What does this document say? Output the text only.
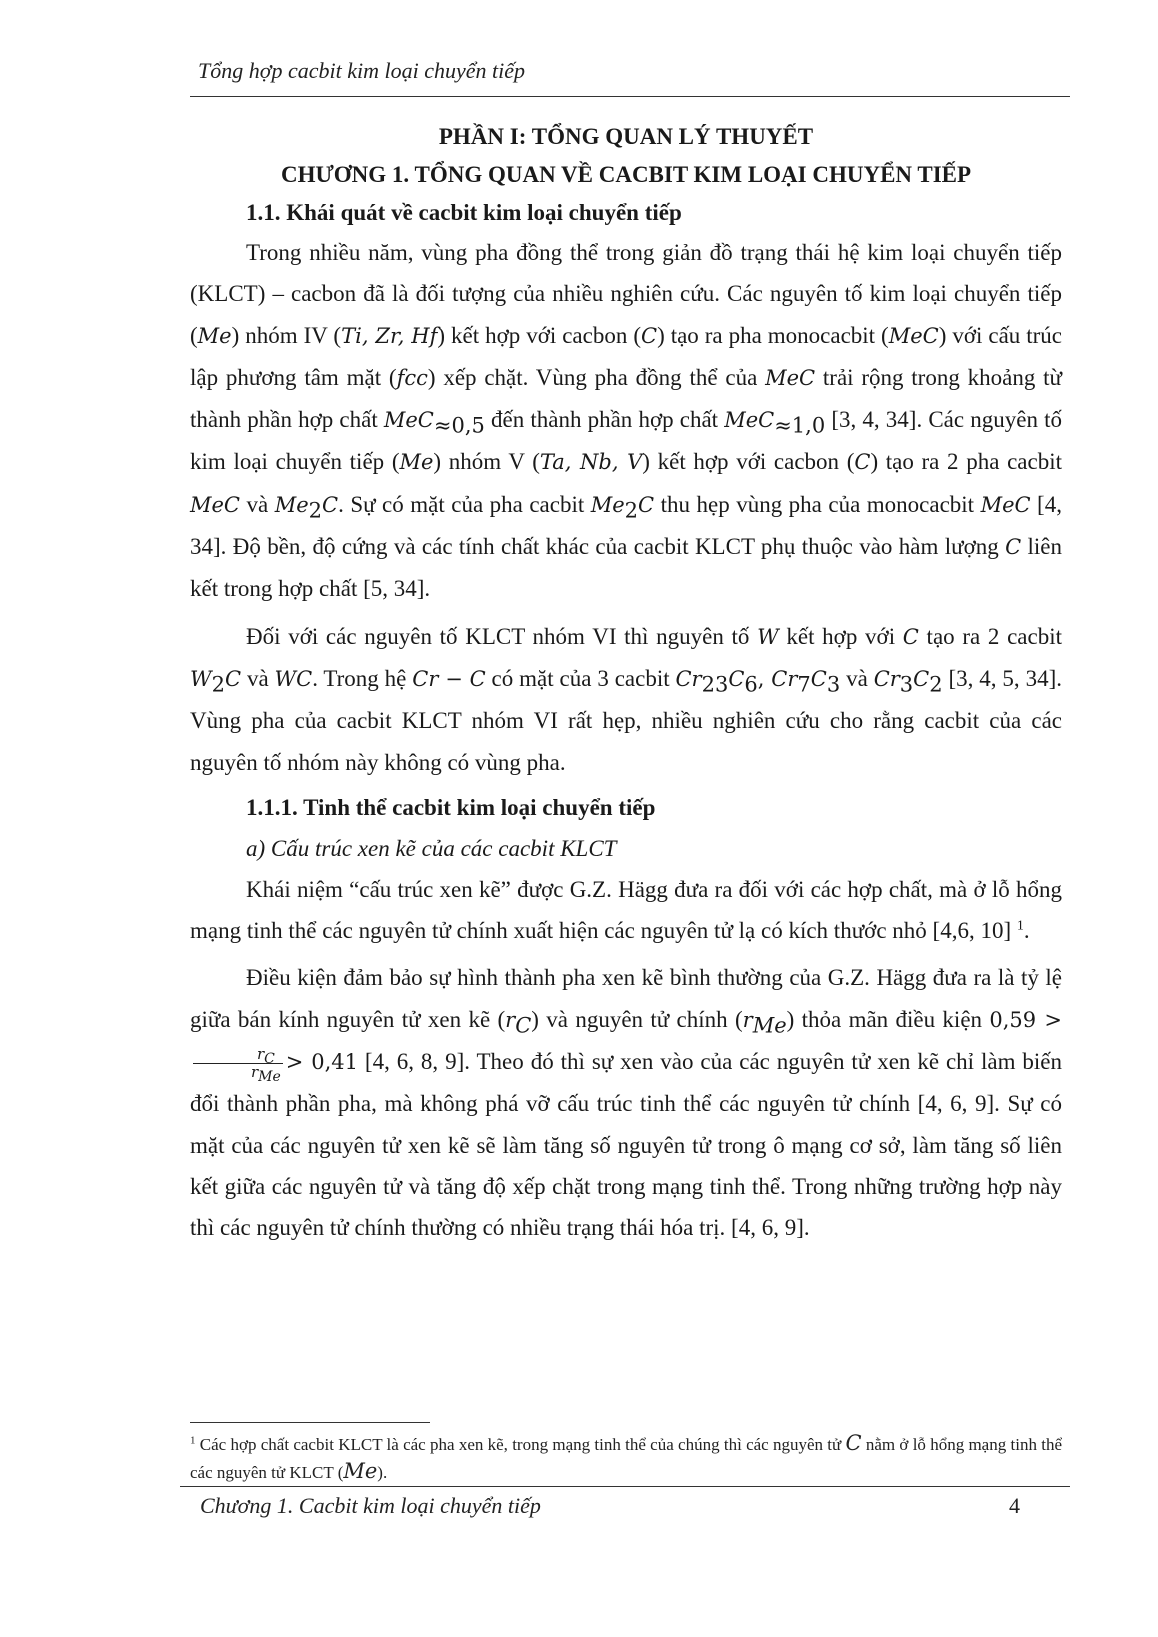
Tổng hợp cacbit kim loại chuyển tiếp
PHẦN I: TỔNG QUAN LÝ THUYẾT
CHƯƠNG 1. TỔNG QUAN VỀ CACBIT KIM LOẠI CHUYỂN TIẾP
1.1. Khái quát về cacbit kim loại chuyển tiếp

Trong nhiều năm, vùng pha đồng thể trong giản đồ trạng thái hệ kim loại chuyển tiếp (KLCT) – cacbon đã là đối tượng của nhiều nghiên cứu. Các nguyên tố kim loại chuyển tiếp (Me) nhóm IV (Ti, Zr, Hf) kết hợp với cacbon (C) tạo ra pha monocacbit (MeC) với cấu trúc lập phương tâm mặt (fcc) xếp chặt. Vùng pha đồng thể của MeC trải rộng trong khoảng từ thành phần hợp chất MeC$_{\approx 0,5}$ đến thành phần hợp chất MeC$_{\approx 1,0}$ [3, 4, 34]. Các nguyên tố kim loại chuyển tiếp (Me) nhóm V (Ta, Nb, V) kết hợp với cacbon (C) tạo ra 2 pha cacbit MeC và $Me_2C$. Sự có mặt của pha cacbit $Me_2C$ thu hẹp vùng pha của monocacbit MeC [4, 34]. Độ bền, độ cứng và các tính chất khác của cacbit KLCT phụ thuộc vào hàm lượng C liên kết trong hợp chất [5, 34].

Đối với các nguyên tố KLCT nhóm VI thì nguyên tố W kết hợp với C tạo ra 2 cacbit $W_2C$ và WC. Trong hệ Cr − C có mặt của 3 cacbit $Cr_{23}C_6$, $Cr_7C_3$ và $Cr_3C_2$ [3, 4, 5, 34]. Vùng pha của cacbit KLCT nhóm VI rất hẹp, nhiều nghiên cứu cho rằng cacbit của các nguyên tố nhóm này không có vùng pha.

1.1.1. Tinh thể cacbit kim loại chuyển tiếp
a) Cấu trúc xen kẽ của các cacbit KLCT

Khái niệm “cấu trúc xen kẽ” được G.Z. Hägg đưa ra đối với các hợp chất, mà ở lỗ hổng mạng tinh thể các nguyên tử chính xuất hiện các nguyên tử lạ có kích thước nhỏ [4,6, 10] $^1$.

Điều kiện đảm bảo sự hình thành pha xen kẽ bình thường của G.Z. Hägg đưa ra là tỷ lệ giữa bán kính nguyên tử xen kẽ $(r_C)$ và nguyên tử chính $(r_{Me})$ thỏa mãn điều kiện 0,59 >
$\frac{r_C}{r_{Me}} > 0,41$ [4, 6, 8, 9]. Theo đó thì sự xen vào của các nguyên tử xen kẽ chỉ làm biến đổi thành phần pha, mà không phá vỡ cấu trúc tinh thể các nguyên tử chính [4, 6, 9]. Sự có mặt của các nguyên tử xen kẽ sẽ làm tăng số nguyên tử trong ô mạng cơ sở, làm tăng số liên kết giữa các nguyên tử và tăng độ xếp chặt trong mạng tinh thể. Trong những trường hợp này thì các nguyên tử chính thường có nhiều trạng thái hóa trị. [4, 6, 9].

$^1$ Các hợp chất cacbit KLCT là các pha xen kẽ, trong mạng tinh thể của chúng thì các nguyên tử C nằm ở lỗ hổng mạng tinh thể các nguyên tử KLCT (Me).
Chương 1. Cacbit kim loại chuyển tiếp	4
